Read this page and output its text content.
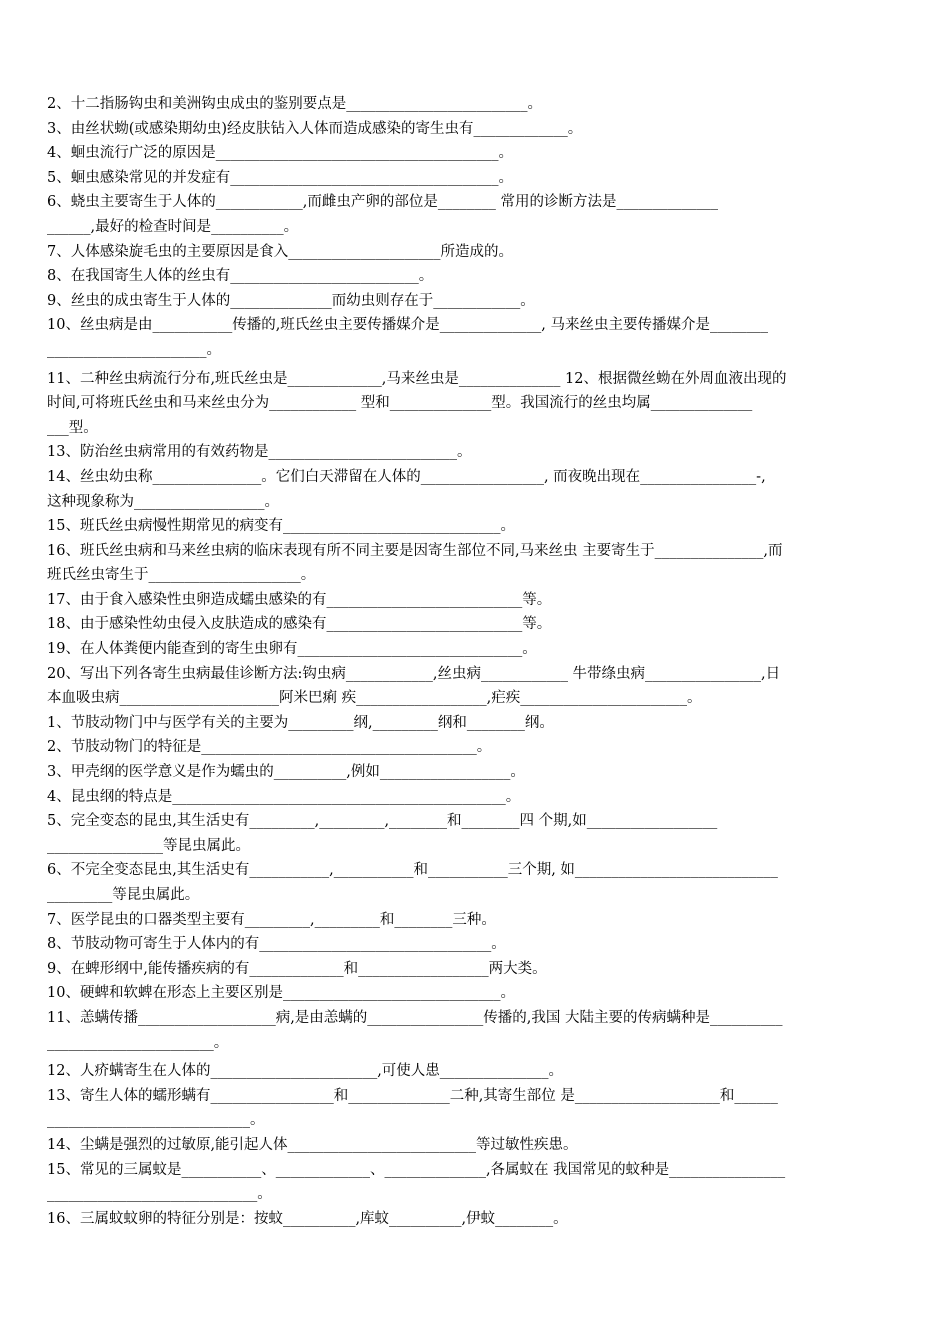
2、十二指肠钩虫和美洲钩虫成虫的鉴别要点是_________________________。
3、由丝状蚴(或感染期幼虫)经皮肤钻入人体而造成感染的寄生虫有_____________。
4、蛔虫流行广泛的原因是_______________________________________。
5、蛔虫感染常见的并发症有_____________________________________。
6、蛲虫主要寄生于人体的____________,而雌虫产卵的部位是________ 常用的诊断方法是______________
______,最好的检查时间是__________。
7、人体感染旋毛虫的主要原因是食入_____________________所造成的。
8、在我国寄生人体的丝虫有__________________________。
9、丝虫的成虫寄生于人体的______________而幼虫则存在于____________。
10、丝虫病是由___________传播的,班氏丝虫主要传播媒介是______________, 马来丝虫主要传播媒介是________
______________________。
11、二种丝虫病流行分布,班氏丝虫是_____________,马来丝虫是______________ 12、根据微丝蚴在外周血液出现的
时间,可将班氏丝虫和马来丝虫分为____________ 型和______________型。我国流行的丝虫均属______________
___型。
13、防治丝虫病常用的有效药物是__________________________。
14、丝虫幼虫称_______________。它们白天滞留在人体的_________________, 而夜晚出现在________________-,
这种现象称为__________________。
15、班氏丝虫病慢性期常见的病变有______________________________。
16、班氏丝虫病和马来丝虫病的临床表现有所不同主要是因寄生部位不同,马来丝虫 主要寄生于_______________,而
班氏丝虫寄生于_____________________。
17、由于食入感染性虫卵造成蠕虫感染的有___________________________等。
18、由于感染性幼虫侵入皮肤造成的感染有___________________________等。
19、在人体粪便内能查到的寄生虫卵有_______________________________。
20、写出下列各寄生虫病最佳诊断方法:钩虫病____________,丝虫病____________ 牛带绦虫病________________,日
本血吸虫病______________________阿米巴痢 疾__________________,疟疾_______________________。
1、节肢动物门中与医学有关的主要为_________纲,_________纲和________纲。
2、节肢动物门的特征是______________________________________。
3、甲壳纲的医学意义是作为蠕虫的__________,例如__________________。
4、昆虫纲的特点是______________________________________________。
5、完全变态的昆虫,其生活史有_________,_________,________和________四 个期,如__________________
________________等昆虫属此。
6、不完全变态昆虫,其生活史有___________,___________和___________三个期, 如____________________________
_________等昆虫属此。
7、医学昆虫的口器类型主要有_________,_________和________三种。
8、节肢动物可寄生于人体内的有________________________________。
9、在蜱形纲中,能传播疾病的有_____________和__________________两大类。
10、硬蜱和软蜱在形态上主要区别是______________________________。
11、恙螨传播___________________病,是由恙螨的________________传播的,我国 大陆主要的传病螨种是__________
_______________________。
12、人疥螨寄生在人体的_______________________,可使人患_______________。
13、寄生人体的蠕形螨有_________________和______________二种,其寄生部位 是____________________和______
____________________________。
14、尘螨是强烈的过敏原,能引起人体__________________________等过敏性疾患。
15、常见的三属蚊是___________、_____________、______________,各属蚊在 我国常见的蚊种是________________
_____________________________。
16、三属蚊蚊卵的特征分别是：按蚊__________,库蚊__________,伊蚊________。
